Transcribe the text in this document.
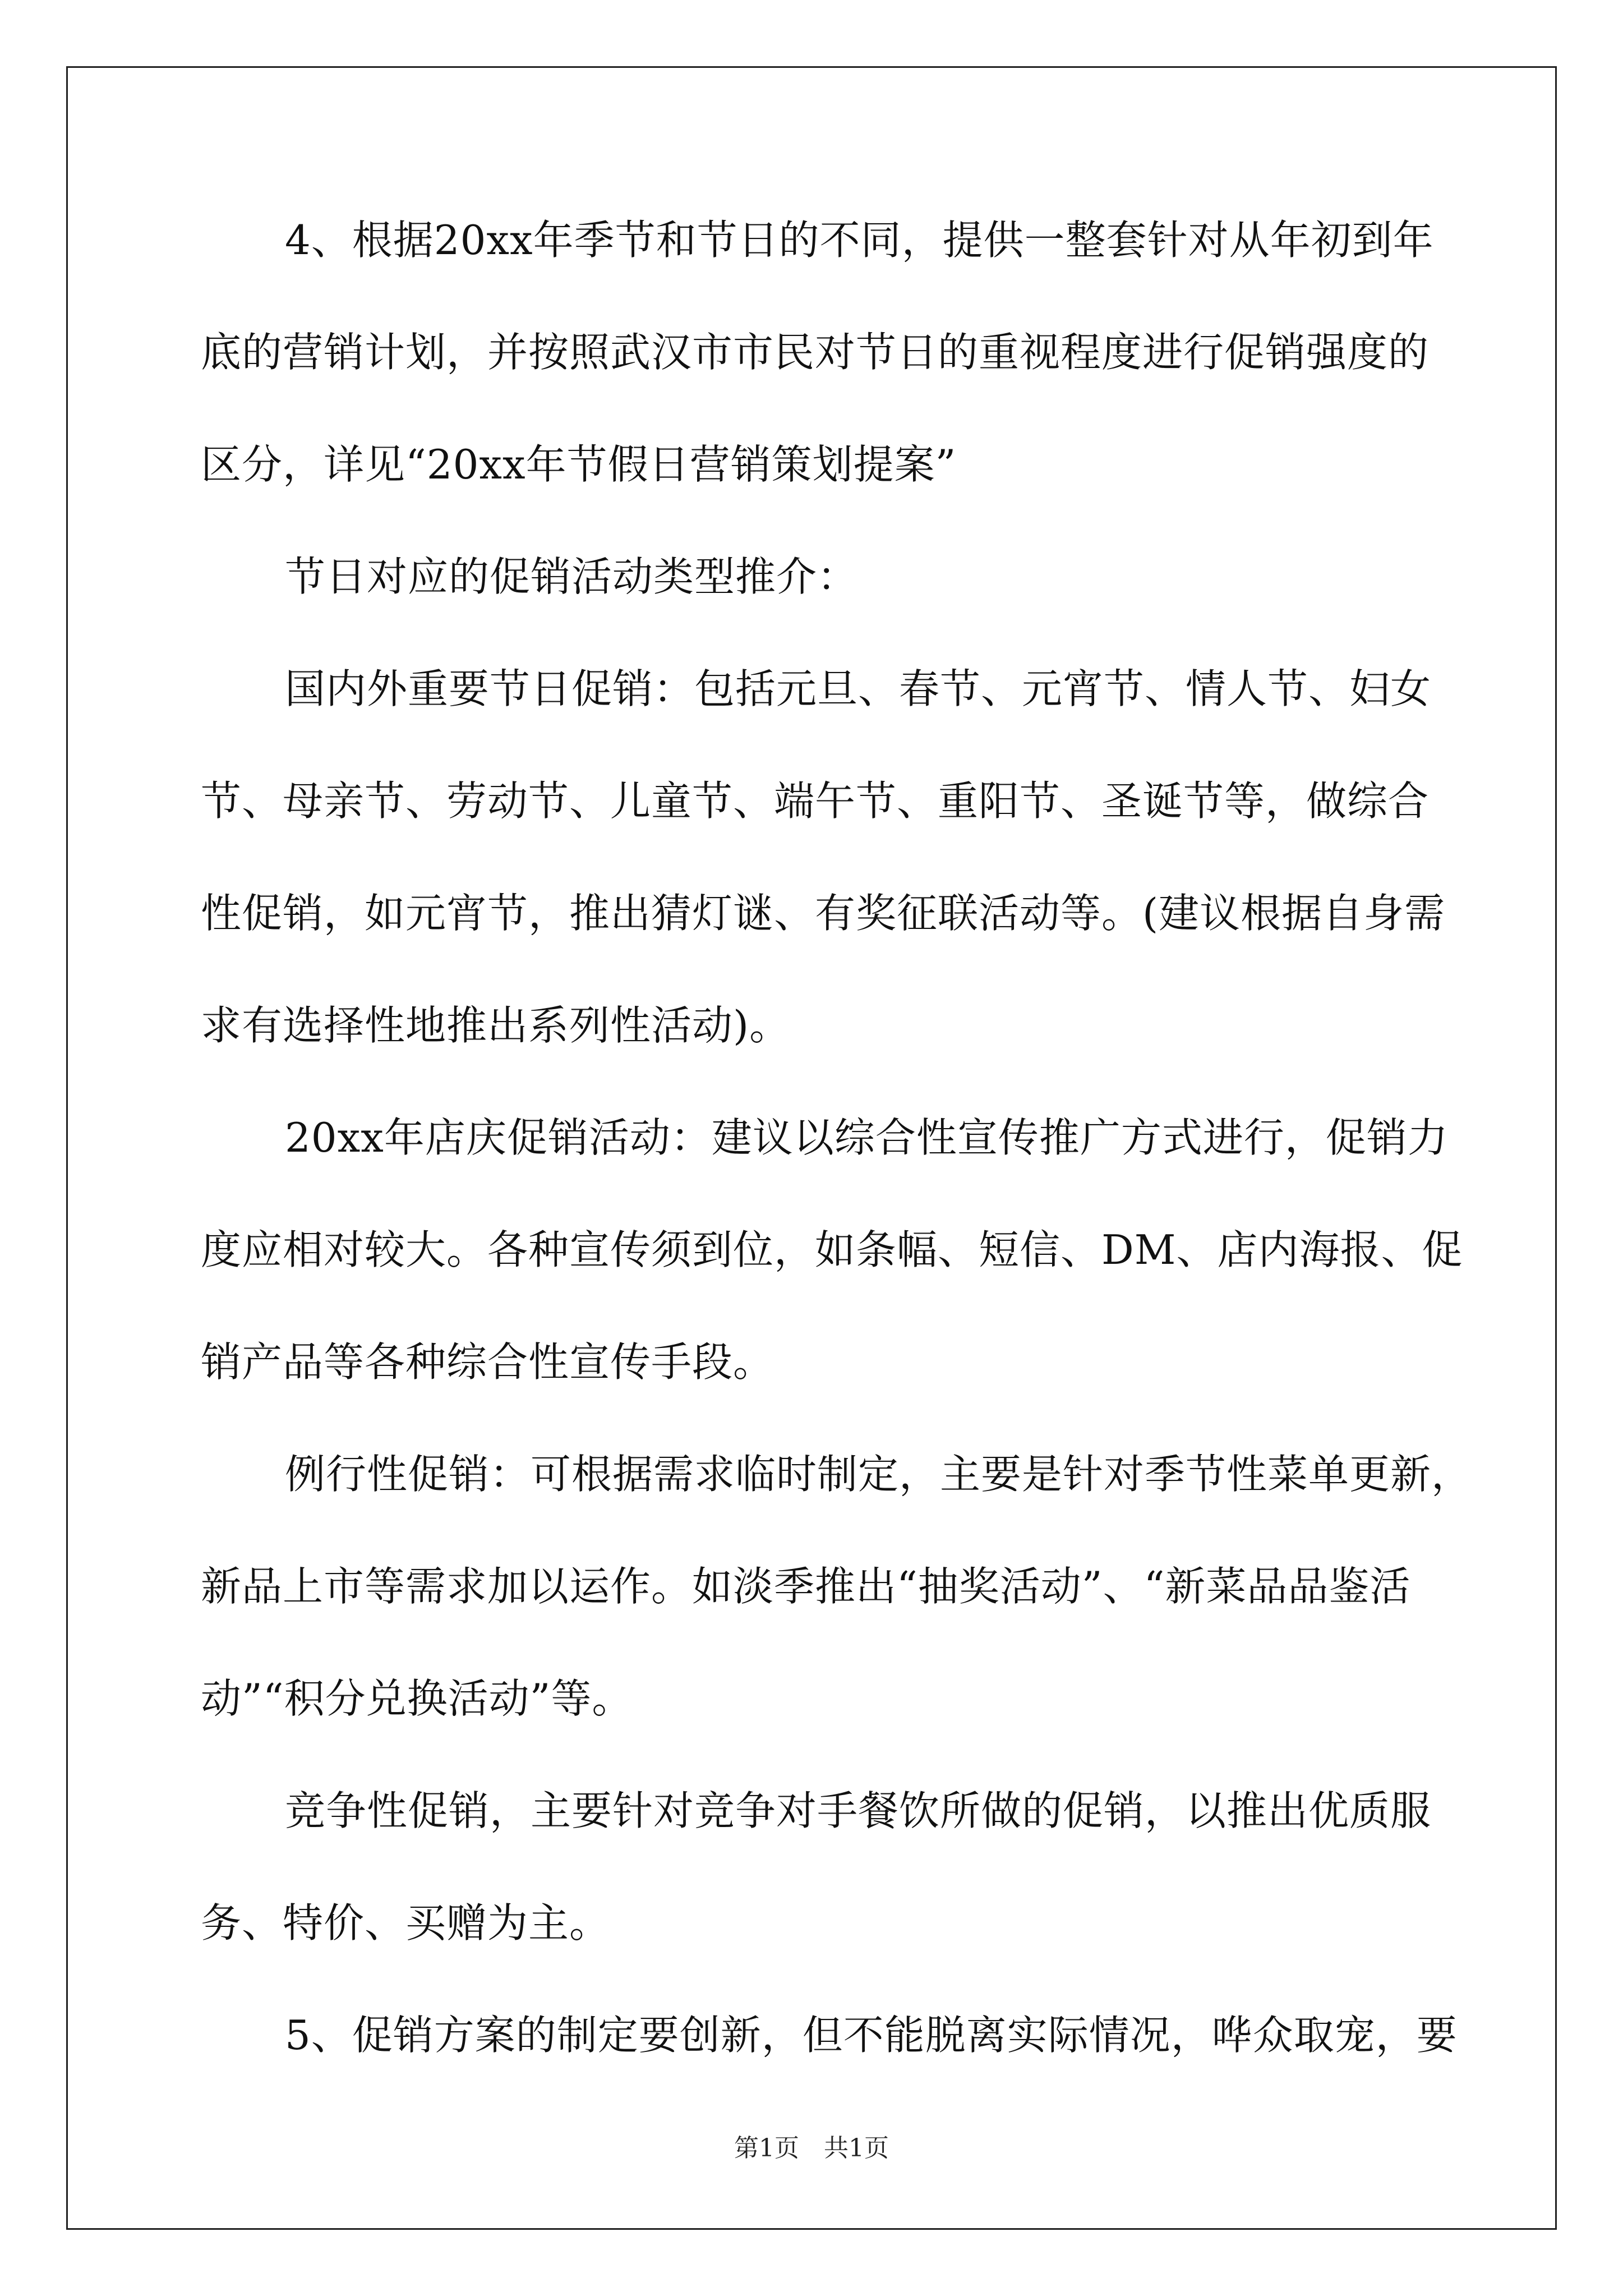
4、根据20xx年季节和节日的不同，提供一整套针对从年初到年
底的营销计划，并按照武汉市市民对节日的重视程度进行促销强度的
区分，详见“20xx年节假日营销策划提案”
节日对应的促销活动类型推介：
国内外重要节日促销：包括元旦、春节、元宵节、情人节、妇女
节、母亲节、劳动节、儿童节、端午节、重阳节、圣诞节等，做综合
性促销，如元宵节，推出猜灯谜、有奖征联活动等。(建议根据自身需
求有选择性地推出系列性活动)。
20xx年店庆促销活动：建议以综合性宣传推广方式进行，促销力
度应相对较大。各种宣传须到位，如条幅、短信、DM、店内海报、促
销产品等各种综合性宣传手段。
例行性促销：可根据需求临时制定，主要是针对季节性菜单更新，
新品上市等需求加以运作。如淡季推出“抽奖活动”、“新菜品品鉴活
动”“积分兑换活动”等。
竞争性促销，主要针对竞争对手餐饮所做的促销，以推出优质服
务、特价、买赠为主。
5、促销方案的制定要创新，但不能脱离实际情况，哗众取宠，要
第1页　共1页
